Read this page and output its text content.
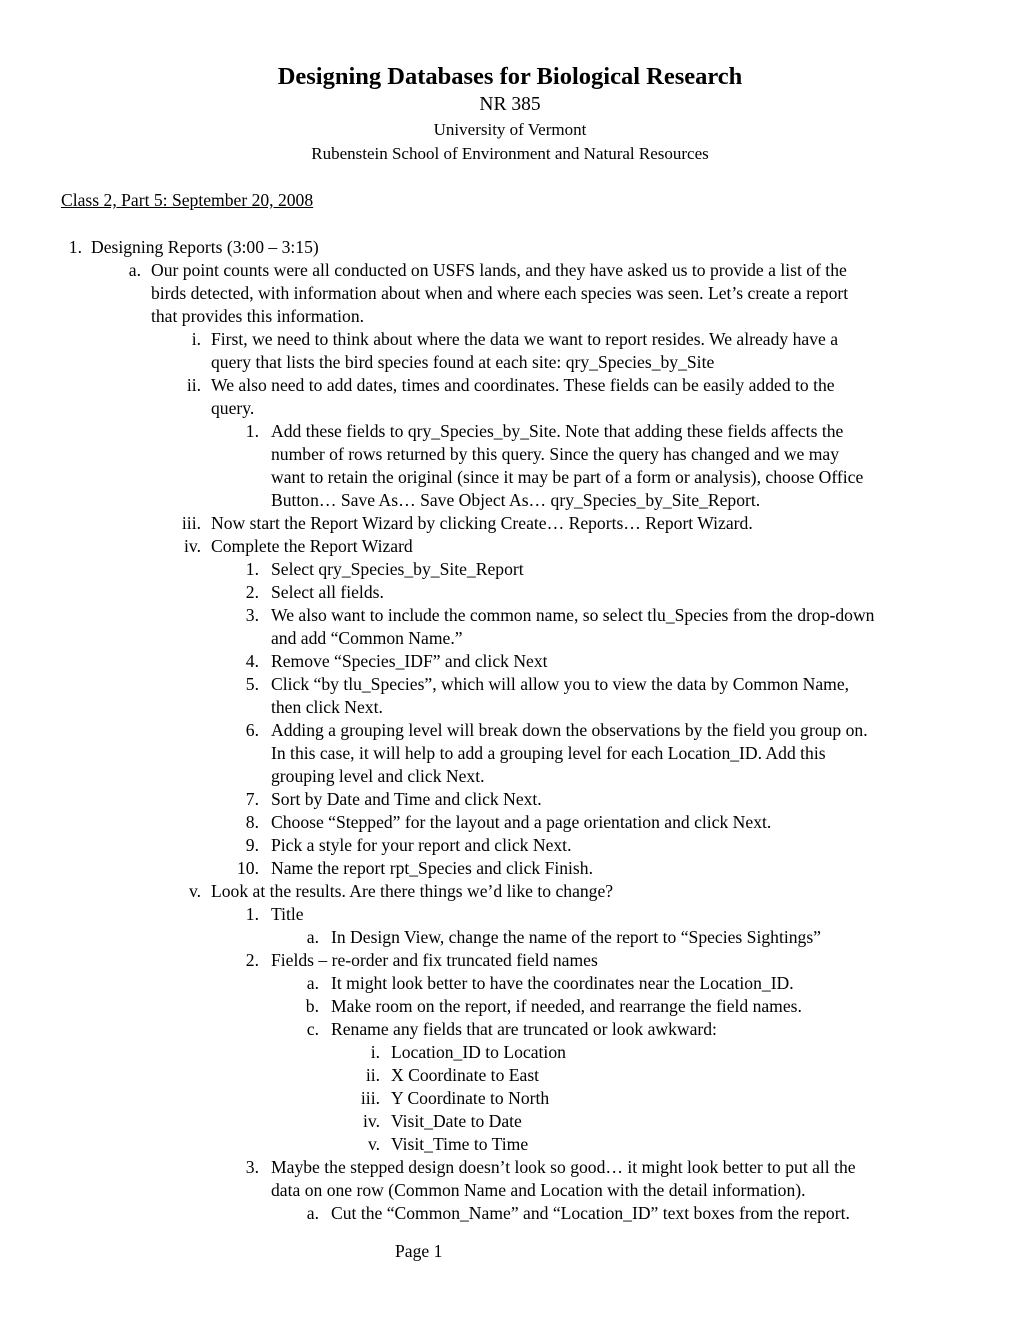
Designing Databases for Biological Research
NR 385
University of Vermont
Rubenstein School of Environment and Natural Resources
Class 2, Part 5: September 20, 2008
1. Designing Reports (3:00 – 3:15)
a. Our point counts were all conducted on USFS lands, and they have asked us to provide a list of the
birds detected, with information about when and where each species was seen. Let’s create a report
that provides this information.
i. First, we need to think about where the data we want to report resides. We already have a
query that lists the bird species found at each site: qry_Species_by_Site
ii. We also need to add dates, times and coordinates. These fields can be easily added to the
query.
1. Add these fields to qry_Species_by_Site. Note that adding these fields affects the
number of rows returned by this query. Since the query has changed and we may
want to retain the original (since it may be part of a form or analysis), choose Office
Button… Save As… Save Object As… qry_Species_by_Site_Report.
iii. Now start the Report Wizard by clicking Create… Reports… Report Wizard.
iv. Complete the Report Wizard
1. Select qry_Species_by_Site_Report
2. Select all fields.
3. We also want to include the common name, so select tlu_Species from the drop-down
and add “Common Name.”
4. Remove “Species_IDF” and click Next
5. Click “by tlu_Species”, which will allow you to view the data by Common Name,
then click Next.
6. Adding a grouping level will break down the observations by the field you group on.
In this case, it will help to add a grouping level for each Location_ID. Add this
grouping level and click Next.
7. Sort by Date and Time and click Next.
8. Choose “Stepped” for the layout and a page orientation and click Next.
9. Pick a style for your report and click Next.
10. Name the report rpt_Species and click Finish.
v. Look at the results. Are there things we’d like to change?
1. Title
a. In Design View, change the name of the report to “Species Sightings”
2. Fields – re-order and fix truncated field names
a. It might look better to have the coordinates near the Location_ID.
b. Make room on the report, if needed, and rearrange the field names.
c. Rename any fields that are truncated or look awkward:
i. Location_ID to Location
ii. X Coordinate to East
iii. Y Coordinate to North
iv. Visit_Date to Date
v. Visit_Time to Time
3. Maybe the stepped design doesn’t look so good… it might look better to put all the
data on one row (Common Name and Location with the detail information).
a. Cut the “Common_Name” and “Location_ID” text boxes from the report.
Page 1
